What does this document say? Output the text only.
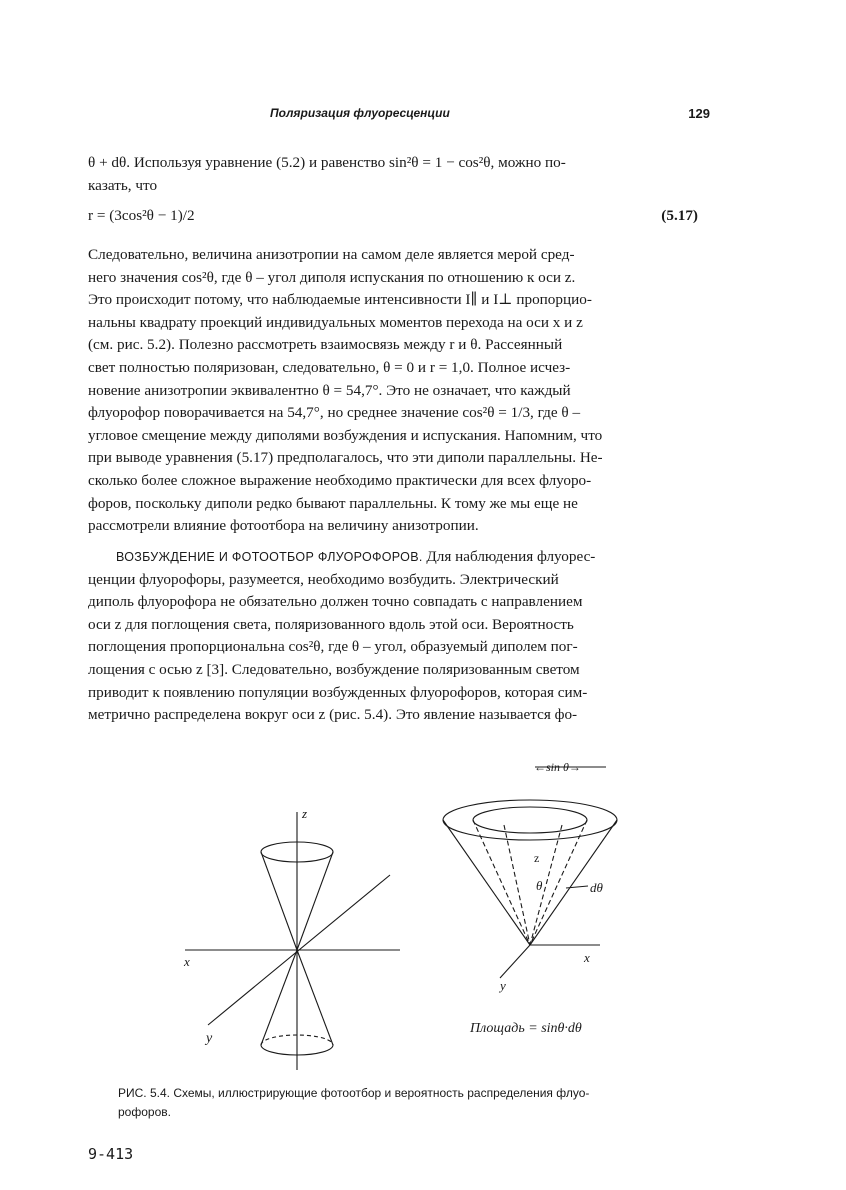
Поляризация флуоресценции	129
θ + dθ. Используя уравнение (5.2) и равенство sin²θ = 1 − cos²θ, можно по-
казать, что
r = (3cos²θ − 1)/2	(5.17)
Следовательно, величина анизотропии на самом деле является мерой сред-
него значения cos²θ, где θ – угол диполя испускания по отношению к оси z.
Это происходит потому, что наблюдаемые интенсивности I∥ и I⊥ пропорцио-
нальны квадрату проекций индивидуальных моментов перехода на оси x и z
(см. рис. 5.2). Полезно рассмотреть взаимосвязь между r и θ. Рассеянный
свет полностью поляризован, следовательно, θ = 0 и r = 1,0. Полное исчез-
новение анизотропии эквивалентно θ = 54,7°. Это не означает, что каждый
флуорофор поворачивается на 54,7°, но среднее значение cos²θ = 1/3, где θ –
угловое смещение между диполями возбуждения и испускания. Напомним, что
при выводе уравнения (5.17) предполагалось, что эти диполи параллельны. Не-
сколько более сложное выражение необходимо практически для всех флуоро-
форов, поскольку диполи редко бывают параллельны. К тому же мы еще не
рассмотрели влияние фотоотбора на величину анизотропии.
ВОЗБУЖДЕНИЕ И ФОТООТБОР ФЛУОРОФОРОВ. Для наблюдения флуорес-
ценции флуорофоры, разумеется, необходимо возбудить. Электрический
диполь флуорофора не обязательно должен точно совпадать с направлением
оси z для поглощения света, поляризованного вдоль этой оси. Вероятность
поглощения пропорциональна cos²θ, где θ – угол, образуемый диполем пог-
лощения с осью z [3]. Следовательно, возбуждение поляризованным светом
приводит к появлению популяции возбужденных флуорофоров, которая сим-
метрично распределена вокруг оси z (рис. 5.4). Это явление называется фо-
z
x
y
←sin θ→
z
θ	dθ
x
y
Площадь = sinθ·dθ
РИС. 5.4. Схемы, иллюстрирующие фотоотбор и вероятность распределения флуо-
рофоров.
9-413
